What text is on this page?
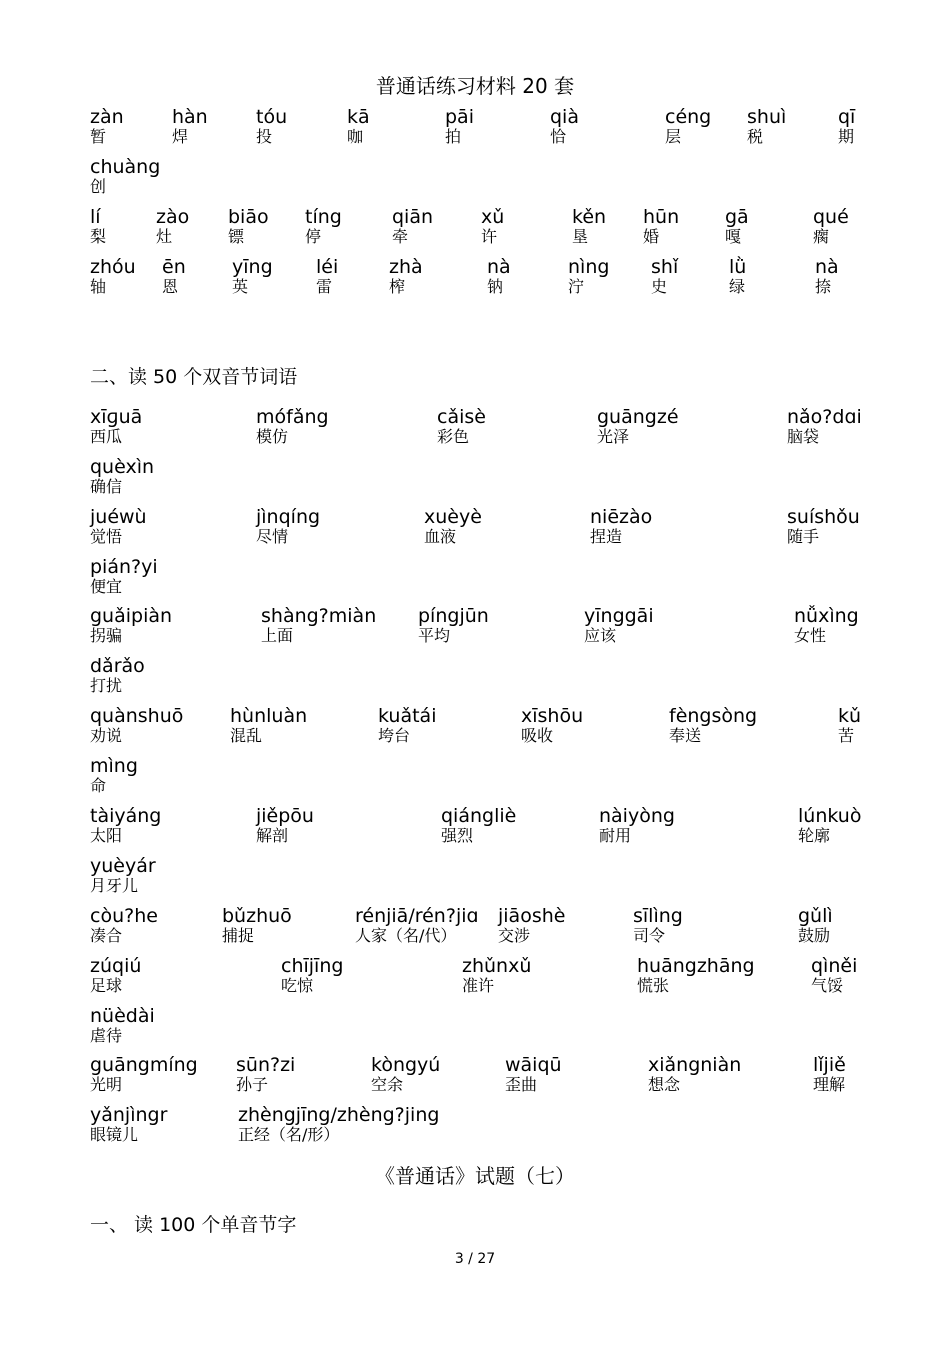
普通话练习材料 20 套
zàn
暂
hàn
焊
tóu
投
kā
咖
pāi
拍
qià
恰
céng
层
shuì
税
qī
期
chuàng
创
lí
梨
zào
灶
biāo
镖
tíng
停
qiān
牵
xǔ
许
kěn
垦
hūn
婚
gā
嘎
qué
瘸
zhóu
轴
ēn
恩
yīng
英
léi
雷
zhà
榨
nà
钠
nìng
泞
shǐ
史
lǜ
绿
nà
捺
二、读 50 个双音节词语
xīɡuā
西瓜
mófǎng
模仿
cǎisè
彩色
guāngzé
光泽
nǎo?dɑi
脑袋
quèxìn
确信
juéwù
觉悟
jìnqíng
尽情
xuèyè
血液
niēzào
捏造
suíshǒu
随手
pián?yi
便宜
guǎipiàn
拐骗
shàng?miàn
上面
píngjūn
平均
yīnggāi
应该
nǚxìng
女性
dǎrǎo
打扰
quànshuō
劝说
hùnluàn
混乱
kuǎtái
垮台
xīshōu
吸收
fèngsòng
奉送
kǔ
苦
mìng
命
tàiyáng
太阳
jiěpōu
解剖
qiángliè
强烈
nàiyòng
耐用
lúnkuò
轮廓
yuèyár
月牙儿
còu?he
凑合
bǔzhuō
捕捉
rénjiā/rén?jiɑ
人家（名/代）
jiāoshè
交涉
sīlìng
司令
gǔlì
鼓励
zúqiú
足球
chījīng
吃惊
zhǔnxǔ
准许
huāngzhāng
慌张
qìněi
气馁
nüèdài
虐待
guāngmíng
光明
sūn?zi
孙子
kòngyú
空余
wāiqū
歪曲
xiǎngniàn
想念
lǐjiě
理解
yǎnjìngr
眼镜儿
zhèngjīng/zhèng?jing
正经（名/形）
《普通话》试题（七）
一、 读 100 个单音节字
3 / 27
